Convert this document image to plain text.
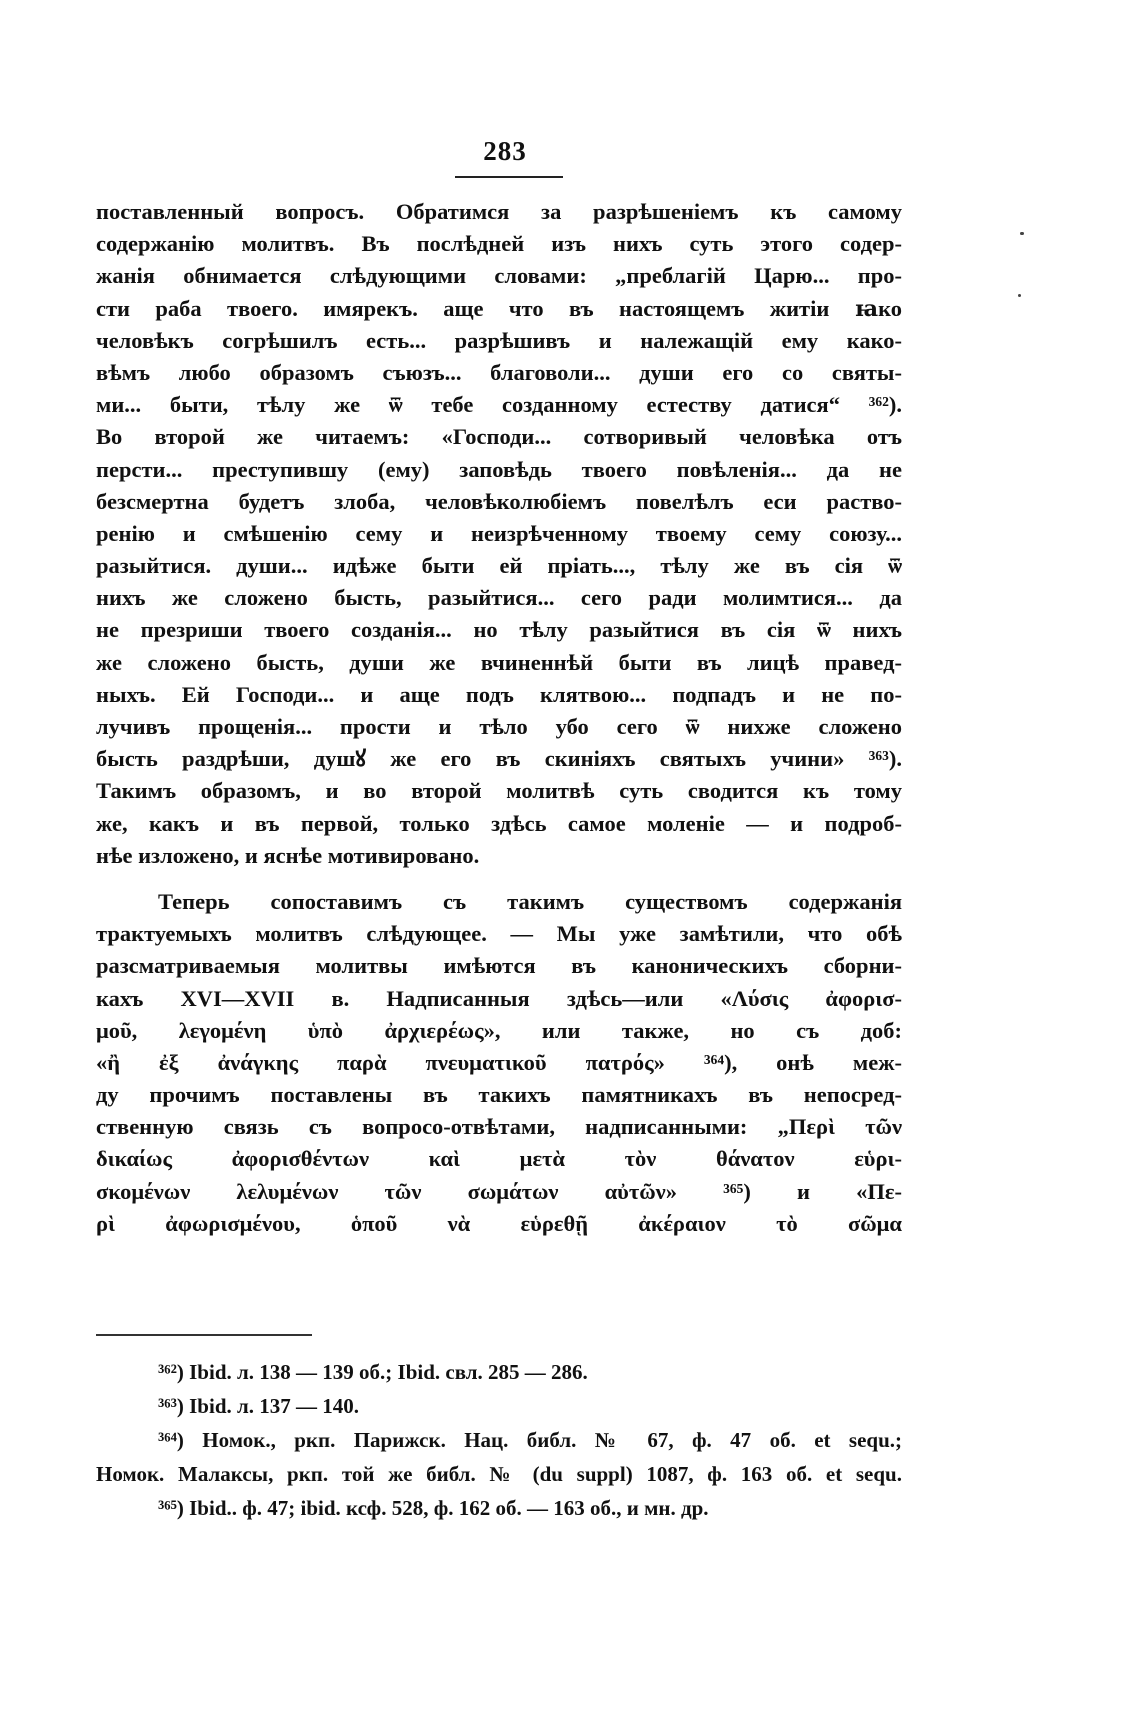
283
поставленный вопросъ. Обратимся за разрѣшеніемъ къ самому
содержанію молитвъ. Въ послѣдней изъ нихъ суть этого содер-
жанія обнимается слѣдующими словами: „преблагій Царю... про-
сти раба твоего. имярекъ. аще что въ настоящемъ житіи ꙗко
человѣкъ согрѣшилъ есть... разрѣшивъ и належащій ему како-
вѣмъ любо образомъ съюзъ... благоволи... души его со святы-
ми... быти, тѣлу же ѿ тебе созданному естеству датися“ ³⁶²).
Во второй же читаемъ: «Господи... сотворивый человѣка отъ
персти... преступившу (ему) заповѣдь твоего повѣленія... да не
безсмертна будетъ злоба, человѣколюбіемъ повелѣлъ еси раство-
ренію и смѣшенію сему и неизрѣченному твоему сему союзу...
разыйтися. души... идѣже быти ей пріать..., тѣлу же въ сія ѿ
нихъ же сложено бысть, разыйтися... сего ради молимтися... да
не презриши твоего созданія... но тѣлу разыйтися въ сія ѿ нихъ
же сложено бысть, души же вчиненнѣй быти въ лицѣ правед-
ныхъ. Ей Господи... и аще подъ клятвою... подпадъ и не по-
лучивъ прощенія... прости и тѣло убо сего ѿ нихже сложено
бысть раздрѣши, душꙋ же его въ скиніяхъ святыхъ учини» ³⁶³).
Такимъ образомъ, и во второй молитвѣ суть сводится къ тому
же, какъ и въ первой, только здѣсь самое моленіе — и подроб-
нѣе изложено, и яснѣе мотивировано.
Теперь сопоставимъ съ такимъ существомъ содержанія
трактуемыхъ молитвъ слѣдующее. — Мы уже замѣтили, что обѣ
разсматриваемыя молитвы имѣются въ каноническихъ сборни-
кахъ XVI—XVII в. Надписанныя здѣсь—или «Λύσις ἀφορισ-
μοῦ, λεγομένη ὑπὸ ἀρχιερέως», или также, но съ доб:
«ἢ ἐξ ἀνάγκης παρὰ πνευματικοῦ πατρός» ³⁶⁴), онѣ меж-
ду прочимъ поставлены въ такихъ памятникахъ въ непосред-
ственную связь съ вопросо-отвѣтами, надписанными: „Περὶ τῶν
δικαίως ἀφορισθέντων καὶ μετὰ τὸν θάνατον εὑρι-
σκομένων λελυμένων τῶν σωμάτων αὐτῶν» ³⁶⁵) и «Πε-
ρὶ ἀφωρισμένου, ὁποῦ νὰ εὑρεθῇ ἀκέραιον τὸ σῶμα
³⁶²) Ibid. л. 138 — 139 об.; Ibid. свл. 285 — 286.
³⁶³) Ibid. л. 137 — 140.
³⁶⁴) Номок., ркп. Парижск. Нац. библ. № 67, ф. 47 об. et sequ.;
Номок. Малаксы, ркп. той же библ. № (du suppl) 1087, ф. 163 об. et sequ.
³⁶⁵) Ibid.. ф. 47; ibid. ксф. 528, ф. 162 об. — 163 об., и мн. др.
